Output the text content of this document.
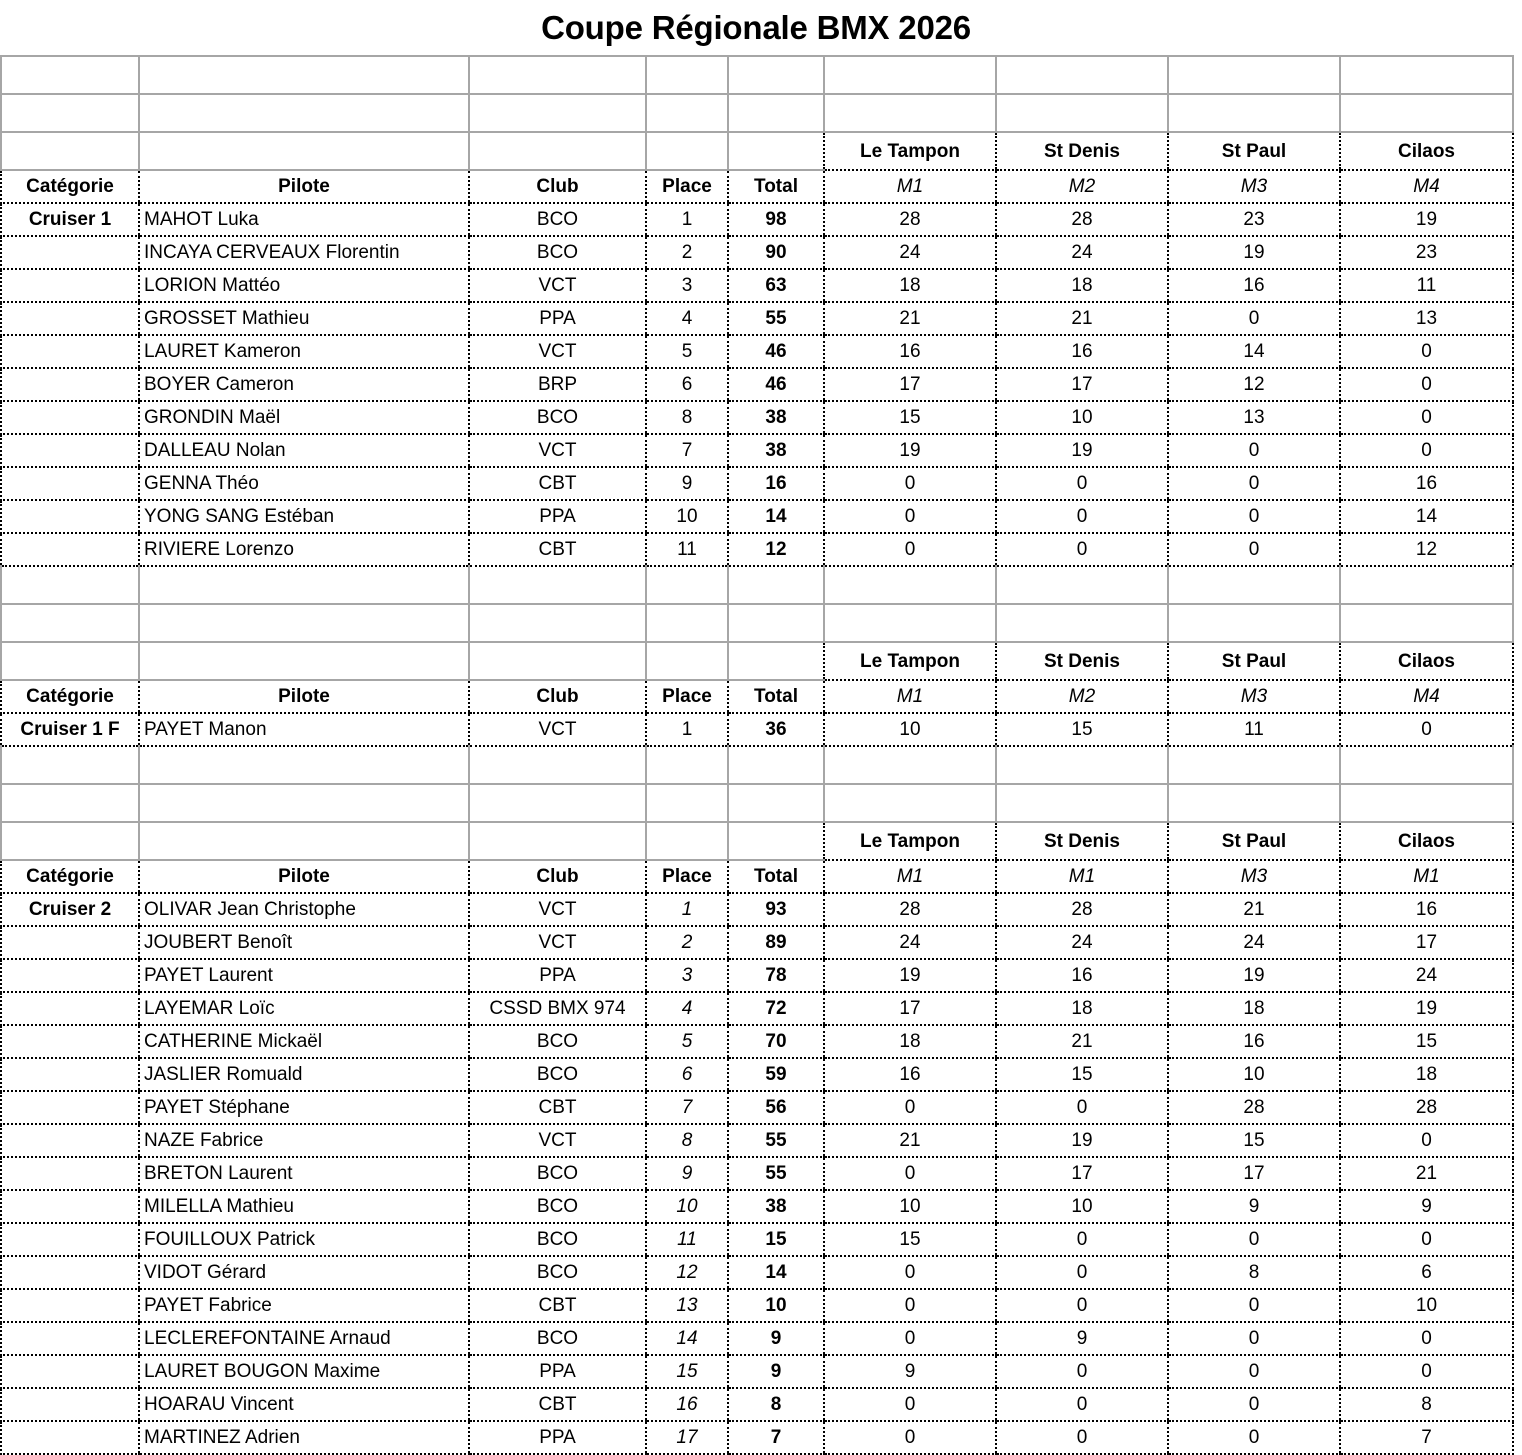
Coupe Régionale BMX 2026

					Le Tampon	St Denis	St Paul	Cilaos
Catégorie	Pilote	Club	Place	Total	M1	M2	M3	M4
Cruiser 1	MAHOT Luka	BCO	1	98	28	28	23	19
	INCAYA CERVEAUX Florentin	BCO	2	90	24	24	19	23
	LORION Mattéo	VCT	3	63	18	18	16	11
	GROSSET Mathieu	PPA	4	55	21	21	0	13
	LAURET Kameron	VCT	5	46	16	16	14	0
	BOYER Cameron	BRP	6	46	17	17	12	0
	GRONDIN Maël	BCO	8	38	15	10	13	0
	DALLEAU Nolan	VCT	7	38	19	19	0	0
	GENNA Théo	CBT	9	16	0	0	0	16
	YONG SANG Estéban	PPA	10	14	0	0	0	14
	RIVIERE Lorenzo	CBT	11	12	0	0	0	12

					Le Tampon	St Denis	St Paul	Cilaos
Catégorie	Pilote	Club	Place	Total	M1	M2	M3	M4
Cruiser 1 F	PAYET Manon	VCT	1	36	10	15	11	0

					Le Tampon	St Denis	St Paul	Cilaos
Catégorie	Pilote	Club	Place	Total	M1	M1	M3	M1
Cruiser 2	OLIVAR Jean Christophe	VCT	1	93	28	28	21	16
	JOUBERT Benoît	VCT	2	89	24	24	24	17
	PAYET Laurent	PPA	3	78	19	16	19	24
	LAYEMAR Loïc	CSSD BMX 974	4	72	17	18	18	19
	CATHERINE Mickaël	BCO	5	70	18	21	16	15
	JASLIER Romuald	BCO	6	59	16	15	10	18
	PAYET Stéphane	CBT	7	56	0	0	28	28
	NAZE Fabrice	VCT	8	55	21	19	15	0
	BRETON Laurent	BCO	9	55	0	17	17	21
	MILELLA Mathieu	BCO	10	38	10	10	9	9
	FOUILLOUX Patrick	BCO	11	15	15	0	0	0
	VIDOT Gérard	BCO	12	14	0	0	8	6
	PAYET Fabrice	CBT	13	10	0	0	0	10
	LECLEREFONTAINE Arnaud	BCO	14	9	0	9	0	0
	LAURET BOUGON Maxime	PPA	15	9	9	0	0	0
	HOARAU Vincent	CBT	16	8	0	0	0	8
	MARTINEZ Adrien	PPA	17	7	0	0	0	7
